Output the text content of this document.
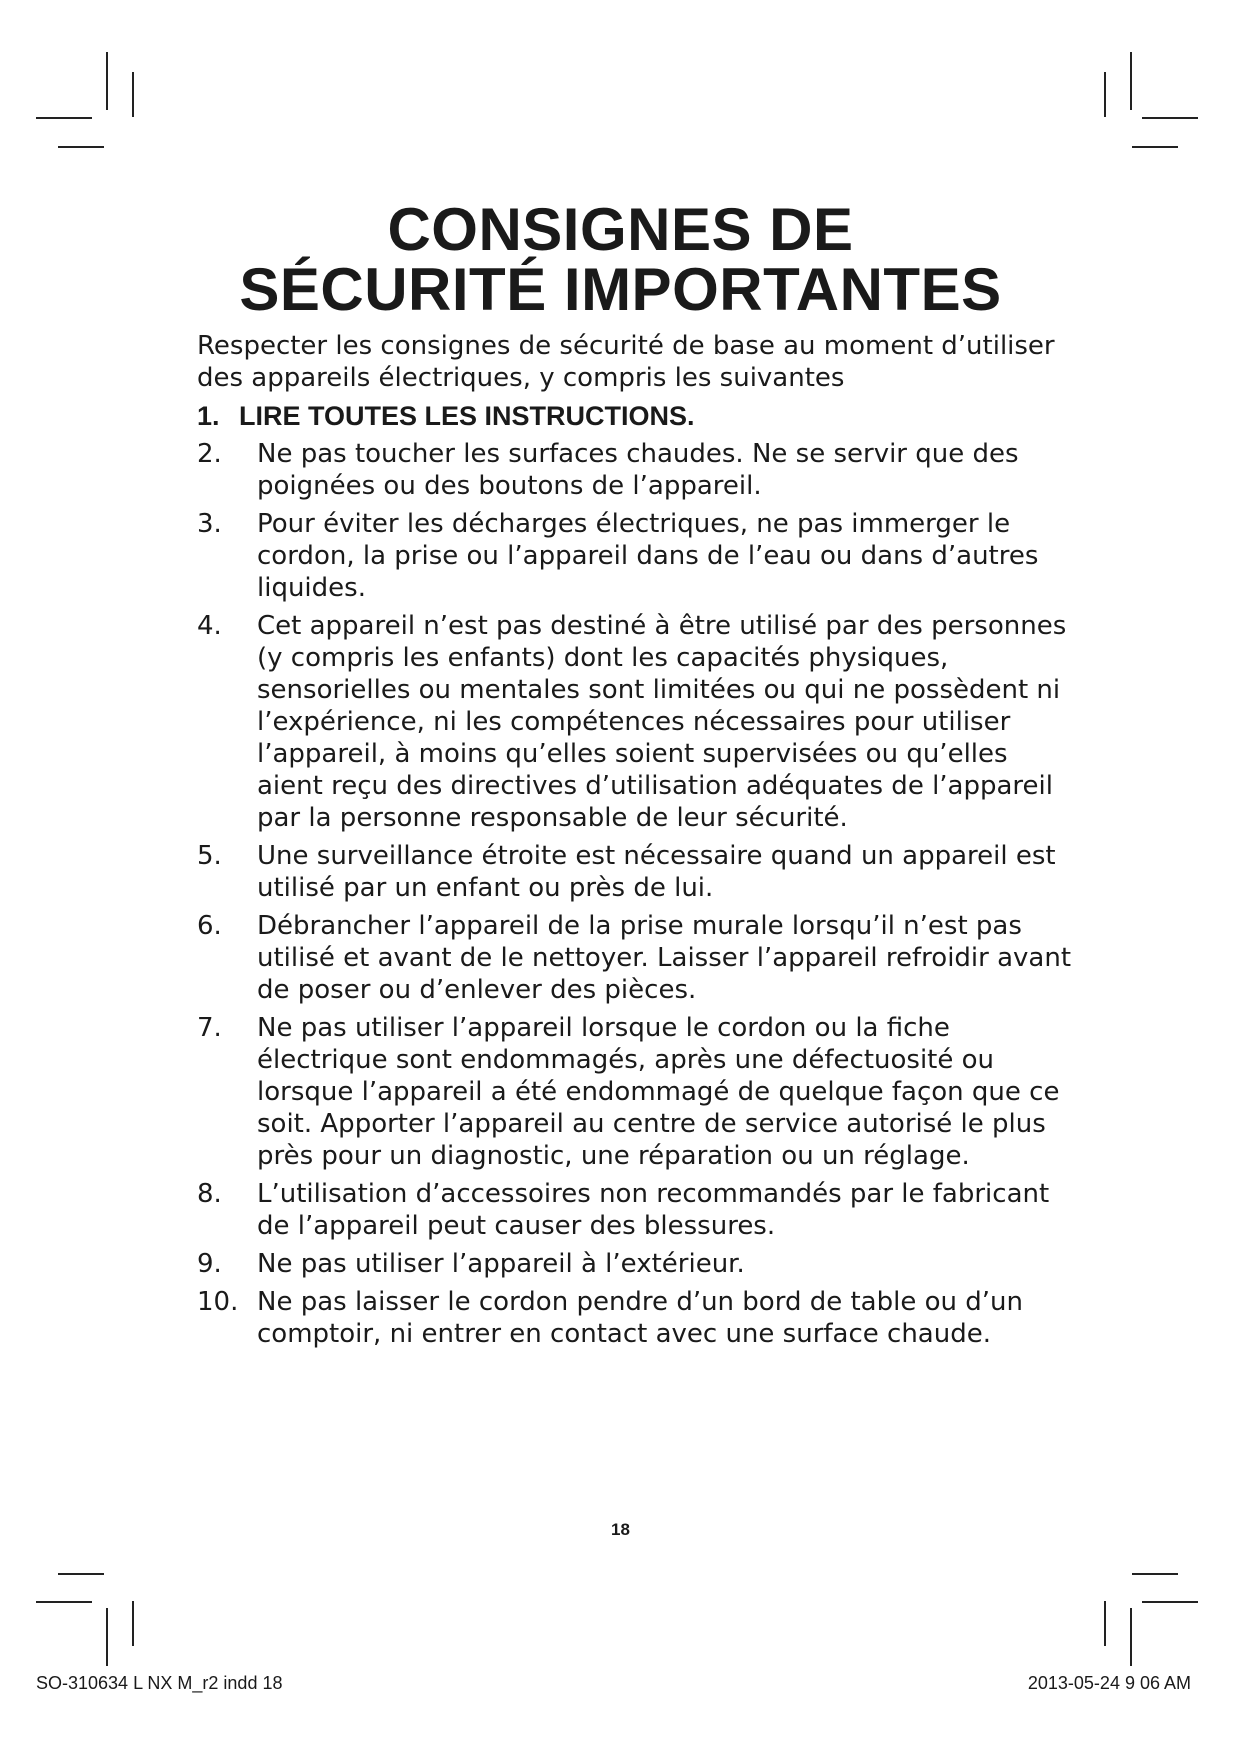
CONSIGNES DE
SÉCURITÉ IMPORTANTES
Respecter les consignes de sécurité de base au moment d’utiliser des appareils électriques, y compris les suivantes
1. LIRE TOUTES LES INSTRUCTIONS.
2. Ne pas toucher les surfaces chaudes. Ne se servir que des poignées ou des boutons de l’appareil.
3. Pour éviter les décharges électriques, ne pas immerger le cordon, la prise ou l’appareil dans de l’eau ou dans d’autres liquides.
4. Cet appareil n’est pas destiné à être utilisé par des personnes (y compris les enfants) dont les capacités physiques, sensorielles ou mentales sont limitées ou qui ne possèdent ni l’expérience, ni les compétences nécessaires pour utiliser l’appareil, à moins qu’elles soient supervisées ou qu’elles aient reçu des directives d’utilisation adéquates de l’appareil par la personne responsable de leur sécurité.
5. Une surveillance étroite est nécessaire quand un appareil est utilisé par un enfant ou près de lui.
6. Débrancher l’appareil de la prise murale lorsqu’il n’est pas utilisé et avant de le nettoyer. Laisser l’appareil refroidir avant de poser ou d’enlever des pièces.
7. Ne pas utiliser l’appareil lorsque le cordon ou la fiche électrique sont endommagés, après une défectuosité ou lorsque l’appareil a été endommagé de quelque façon que ce soit. Apporter l’appareil au centre de service autorisé le plus près pour un diagnostic, une réparation ou un réglage.
8. L’utilisation d’accessoires non recommandés par le fabricant de l’appareil peut causer des blessures.
9. Ne pas utiliser l’appareil à l’extérieur.
10. Ne pas laisser le cordon pendre d’un bord de table ou d’un comptoir, ni entrer en contact avec une surface chaude.
18
SO-310634 L NX M_r2 indd 18	2013-05-24 9 06 AM
